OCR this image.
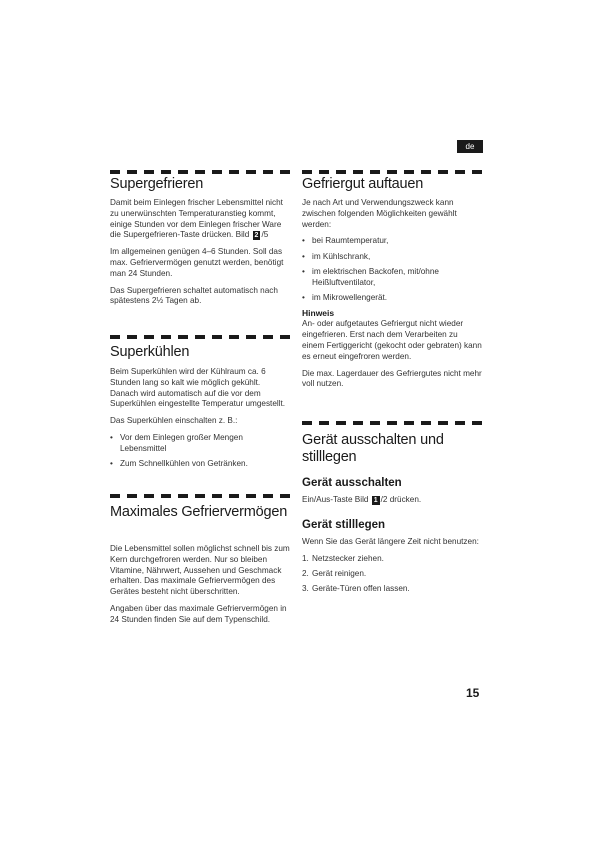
de
Supergefrieren

Damit beim Einlegen frischer Lebensmittel nicht zu unerwünschten Temperaturanstieg kommt, einige Stunden vor dem Einlegen frischer Ware die Supergefrieren-Taste drücken. Bild 2 /5

Im allgemeinen genügen 4–6 Stunden. Soll das max. Gefriervermögen genutzt werden, benötigt man 24 Stunden.

Das Supergefrieren schaltet automatisch nach spätestens 2½ Tagen ab.

Superkühlen

Beim Superkühlen wird der Kühlraum ca. 6 Stunden lang so kalt wie möglich gekühlt. Danach wird automatisch auf die vor dem Superkühlen eingestellte Temperatur umgestellt.

Das Superkühlen einschalten z. B.:

• Vor dem Einlegen großer Mengen Lebensmittel
• Zum Schnellkühlen von Getränken.
Maximales Gefriervermögen

Die Lebensmittel sollen möglichst schnell bis zum Kern durchgefroren werden. Nur so bleiben Vitamine, Nährwert, Aussehen und Geschmack erhalten. Das maximale Gefriervermögen des Gerätes besteht nicht überschritten.

Angaben über das maximale Gefriervermögen in 24 Stunden finden Sie auf dem Typenschild.

Gefriergut auftauen

Je nach Art und Verwendungszweck kann zwischen folgenden Möglichkeiten gewählt werden:

• bei Raumtemperatur,
• im Kühlschrank,
• im elektrischen Backofen, mit/ohne Heißluftventilator,
• im Mikrowellengerät.
Hinweis

An- oder aufgetautes Gefriergut nicht wieder eingefrieren. Erst nach dem Verarbeiten zu einem Fertiggericht (gekocht oder gebraten) kann es erneut eingefroren werden.

Die max. Lagerdauer des Gefriergutes nicht mehr voll nutzen.

Gerät ausschalten und stilllegen
Gerät ausschalten

Ein/Aus-Taste Bild 1 /2 drücken.

Gerät stilllegen

Wenn Sie das Gerät längere Zeit nicht benutzen:

1. Netzstecker ziehen.
2. Gerät reinigen.
3. Geräte-Türen offen lassen.
15
